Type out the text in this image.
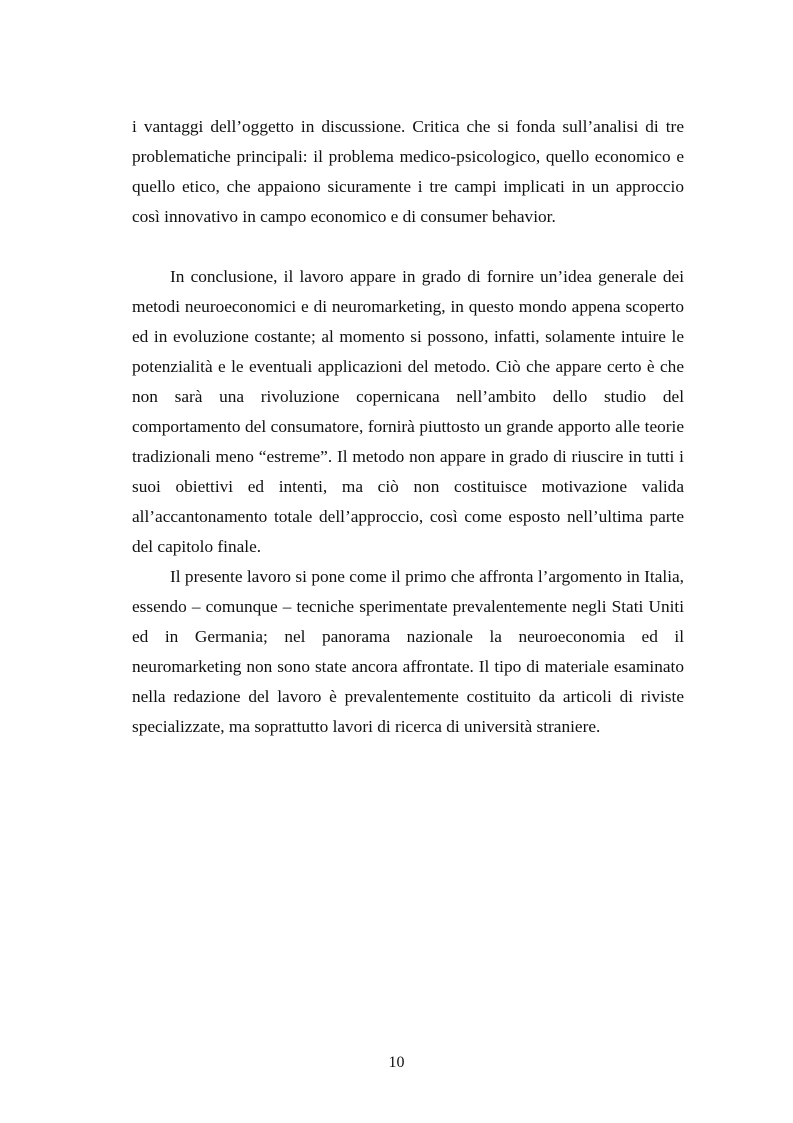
i vantaggi dell’oggetto in discussione. Critica che si fonda sull’analisi di tre problematiche principali: il problema medico-psicologico, quello economico e quello etico, che appaiono sicuramente i tre campi implicati in un approccio così innovativo in campo economico e di consumer behavior.

In conclusione, il lavoro appare in grado di fornire un’idea generale dei metodi neuroeconomici e di neuromarketing, in questo mondo appena scoperto ed in evoluzione costante; al momento si possono, infatti, solamente intuire le potenzialità e le eventuali applicazioni del metodo. Ciò che appare certo è che non sarà una rivoluzione copernicana nell’ambito dello studio del comportamento del consumatore, fornirà piuttosto un grande apporto alle teorie tradizionali meno “estreme”. Il metodo non appare in grado di riuscire in tutti i suoi obiettivi ed intenti, ma ciò non costituisce motivazione valida all’accantonamento totale dell’approccio, così come esposto nell’ultima parte del capitolo finale.

Il presente lavoro si pone come il primo che affronta l’argomento in Italia, essendo – comunque – tecniche sperimentate prevalentemente negli Stati Uniti ed in Germania; nel panorama nazionale la neuroeconomia ed il neuromarketing non sono state ancora affrontate. Il tipo di materiale esaminato nella redazione del lavoro è prevalentemente costituito da articoli di riviste specializzate, ma soprattutto lavori di ricerca di università straniere.

10
